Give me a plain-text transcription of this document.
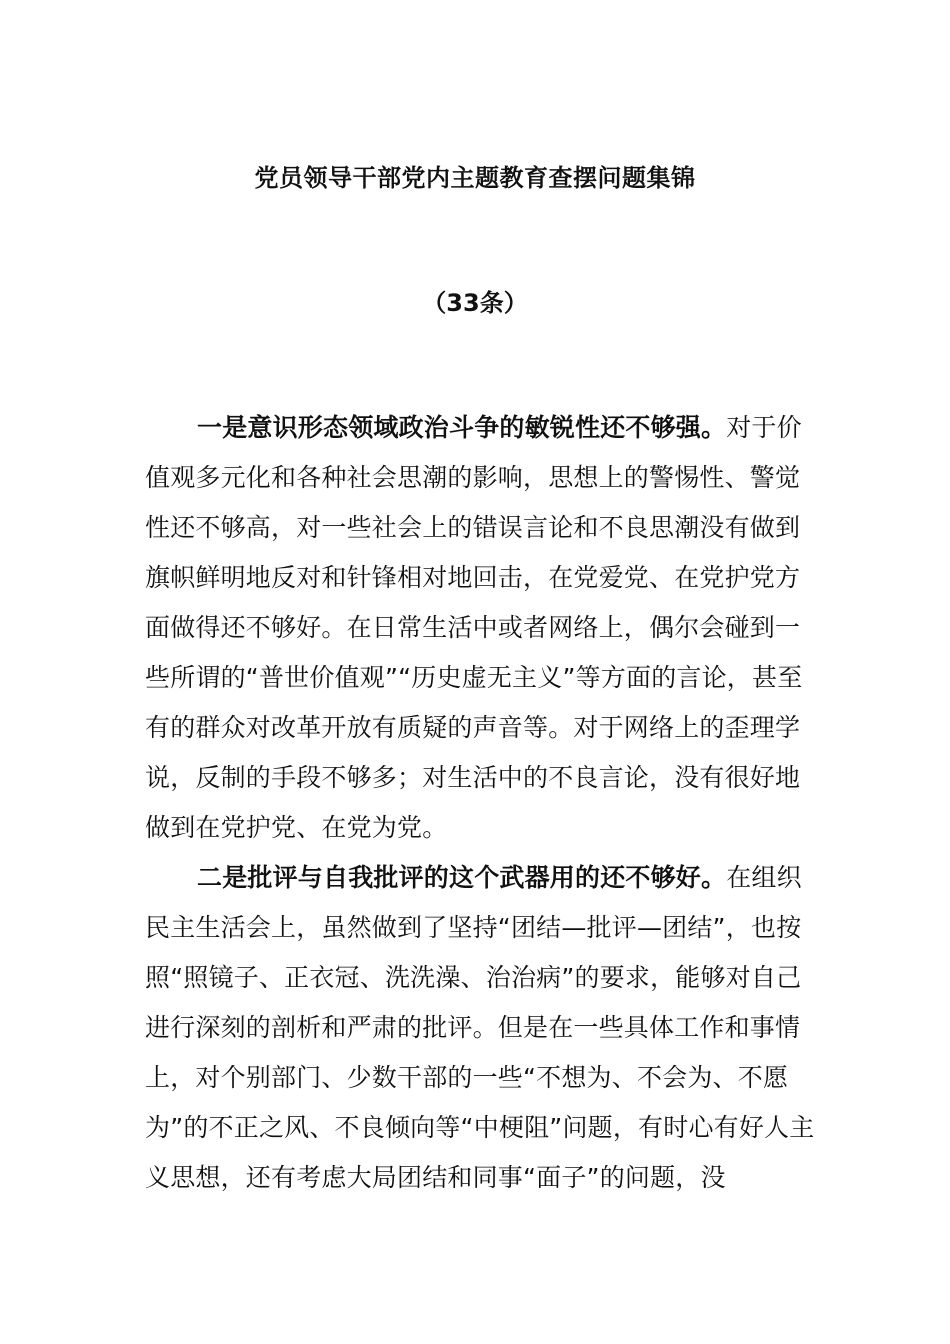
党员领导干部党内主题教育查摆问题集锦
（33条）

一是意识形态领域政治斗争的敏锐性还不够强。对于价值观多元化和各种社会思潮的影响，思想上的警惕性、警觉性还不够高，对一些社会上的错误言论和不良思潮没有做到旗帜鲜明地反对和针锋相对地回击，在党爱党、在党护党方面做得还不够好。在日常生活中或者网络上，偶尔会碰到一些所谓的“普世价值观”“历史虚无主义”等方面的言论，甚至有的群众对改革开放有质疑的声音等。对于网络上的歪理学说，反制的手段不够多；对生活中的不良言论，没有很好地做到在党护党、在党为党。

二是批评与自我批评的这个武器用的还不够好。在组织民主生活会上，虽然做到了坚持“团结—批评—团结”，也按照“照镜子、正衣冠、洗洗澡、治治病”的要求，能够对自己进行深刻的剖析和严肃的批评。但是在一些具体工作和事情上，对个别部门、少数干部的一些“不想为、不会为、不愿为”的不正之风、不良倾向等“中梗阻”问题，有时心有好人主义思想，还有考虑大局团结和同事“面子”的问题，没
